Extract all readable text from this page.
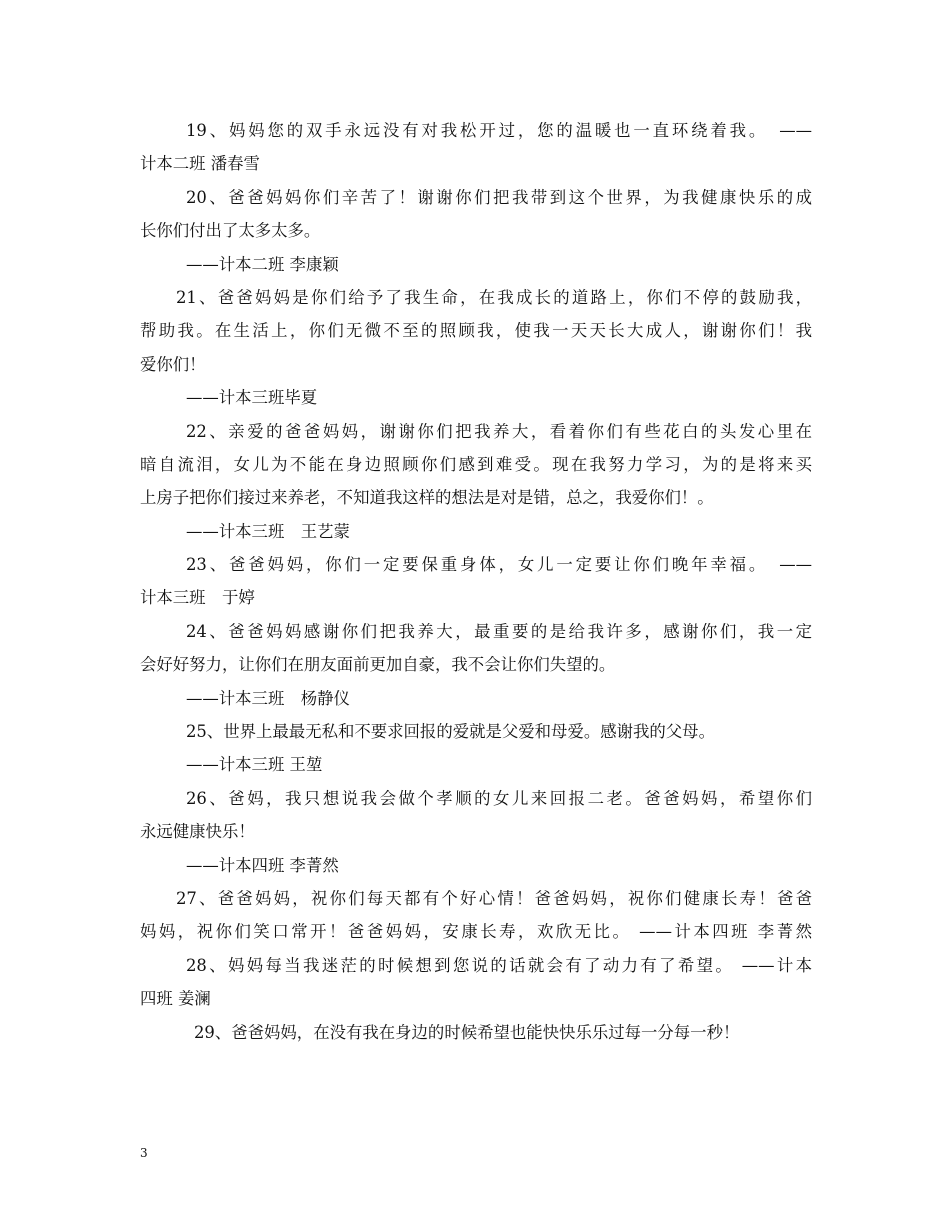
19、妈妈您的双手永远没有对我松开过，您的温暖也一直环绕着我。　——
计本二班 潘春雪
20、爸爸妈妈你们辛苦了！谢谢你们把我带到这个世界，为我健康快乐的成
长你们付出了太多太多。
——计本二班 李康颖
21、爸爸妈妈是你们给予了我生命，在我成长的道路上，你们不停的鼓励我，
帮助我。在生活上，你们无微不至的照顾我，使我一天天长大成人，谢谢你们！我
爱你们！
——计本三班毕夏
22、亲爱的爸爸妈妈，谢谢你们把我养大，看着你们有些花白的头发心里在
暗自流泪，女儿为不能在身边照顾你们感到难受。现在我努力学习，为的是将来买
上房子把你们接过来养老，不知道我这样的想法是对是错，总之，我爱你们！。
——计本三班　王艺蒙
23、爸爸妈妈，你们一定要保重身体，女儿一定要让你们晚年幸福。　——
计本三班　于婷
24、爸爸妈妈感谢你们把我养大，最重要的是给我许多，感谢你们，我一定
会好好努力，让你们在朋友面前更加自豪，我不会让你们失望的。
——计本三班　杨静仪
25、世界上最最无私和不要求回报的爱就是父爱和母爱。感谢我的父母。
——计本三班 王堃
26、爸妈，我只想说我会做个孝顺的女儿来回报二老。爸爸妈妈，希望你们
永远健康快乐！
——计本四班 李菁然
27、爸爸妈妈，祝你们每天都有个好心情！爸爸妈妈，祝你们健康长寿！爸爸
妈妈，祝你们笑口常开！爸爸妈妈，安康长寿，欢欣无比。 ——计本四班 李菁然
28、妈妈每当我迷茫的时候想到您说的话就会有了动力有了希望。 ——计本
四班 姜澜
29、爸爸妈妈，在没有我在身边的时候希望也能快快乐乐过每一分每一秒！
3
